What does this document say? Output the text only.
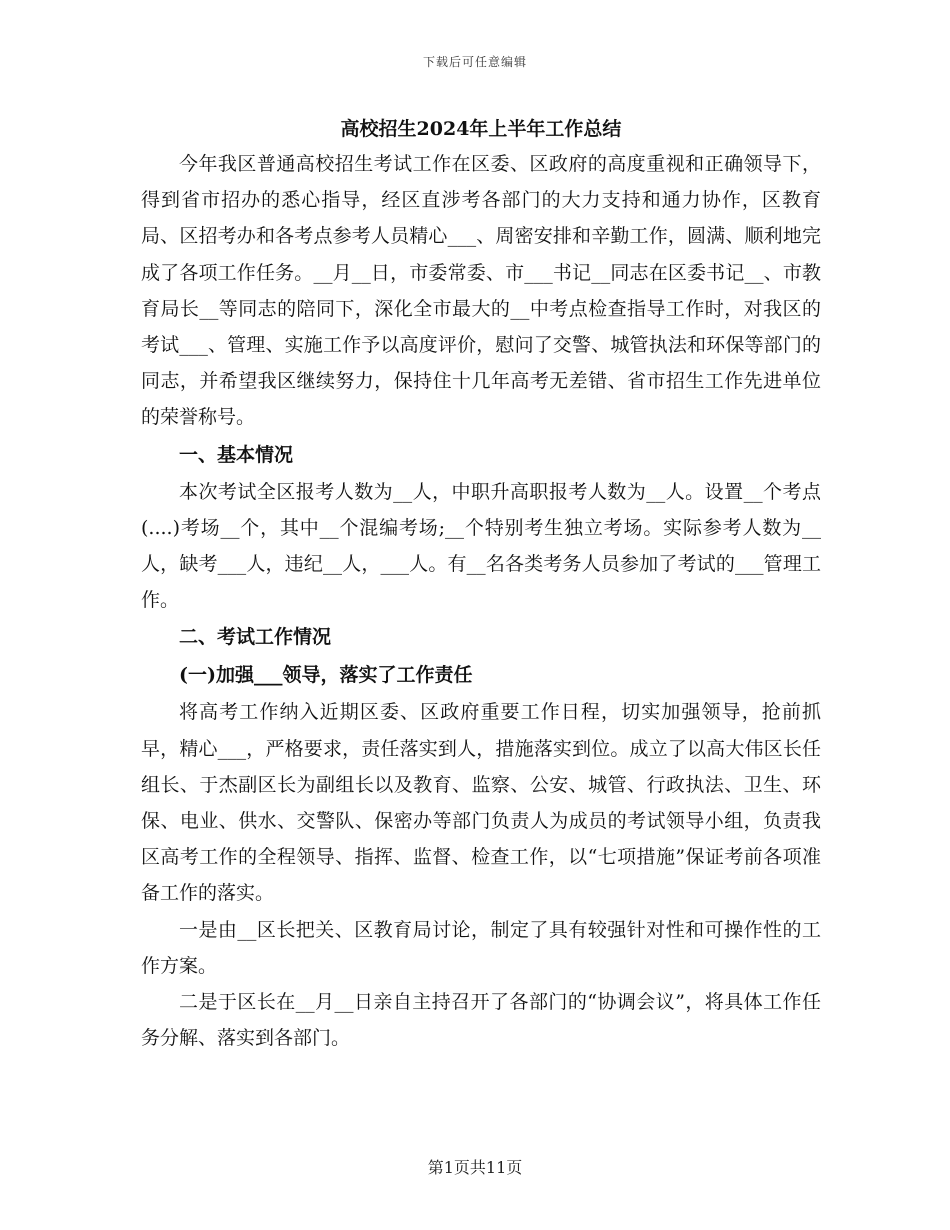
下载后可任意编辑
高校招生2024年上半年工作总结

今年我区普通高校招生考试工作在区委、区政府的高度重视和正确领导下，得到省市招办的悉心指导，经区直涉考各部门的大力支持和通力协作，区教育局、区招考办和各考点参考人员精心___、周密安排和辛勤工作，圆满、顺利地完成了各项工作任务。__月__日，市委常委、市___书记__同志在区委书记__、市教育局长__等同志的陪同下，深化全市最大的__中考点检查指导工作时，对我区的考试___、管理、实施工作予以高度评价，慰问了交警、城管执法和环保等部门的同志，并希望我区继续努力，保持住十几年高考无差错、省市招生工作先进单位的荣誉称号。

一、基本情况

本次考试全区报考人数为__人，中职升高职报考人数为__人。设置__个考点(....)考场__个，其中__个混编考场;__个特别考生独立考场。实际参考人数为__人，缺考___人，违纪__人，___人。有__名各类考务人员参加了考试的___管理工作。

二、考试工作情况
(一)加强___领导，落实了工作责任

将高考工作纳入近期区委、区政府重要工作日程，切实加强领导，抢前抓早，精心___，严格要求，责任落实到人，措施落实到位。成立了以高大伟区长任组长、于杰副区长为副组长以及教育、监察、公安、城管、行政执法、卫生、环保、电业、供水、交警队、保密办等部门负责人为成员的考试领导小组，负责我区高考工作的全程领导、指挥、监督、检查工作，以“七项措施”保证考前各项准备工作的落实。

一是由__区长把关、区教育局讨论，制定了具有较强针对性和可操作性的工作方案。

二是于区长在__月__日亲自主持召开了各部门的“协调会议”，将具体工作任务分解、落实到各部门。

第1页共11页
